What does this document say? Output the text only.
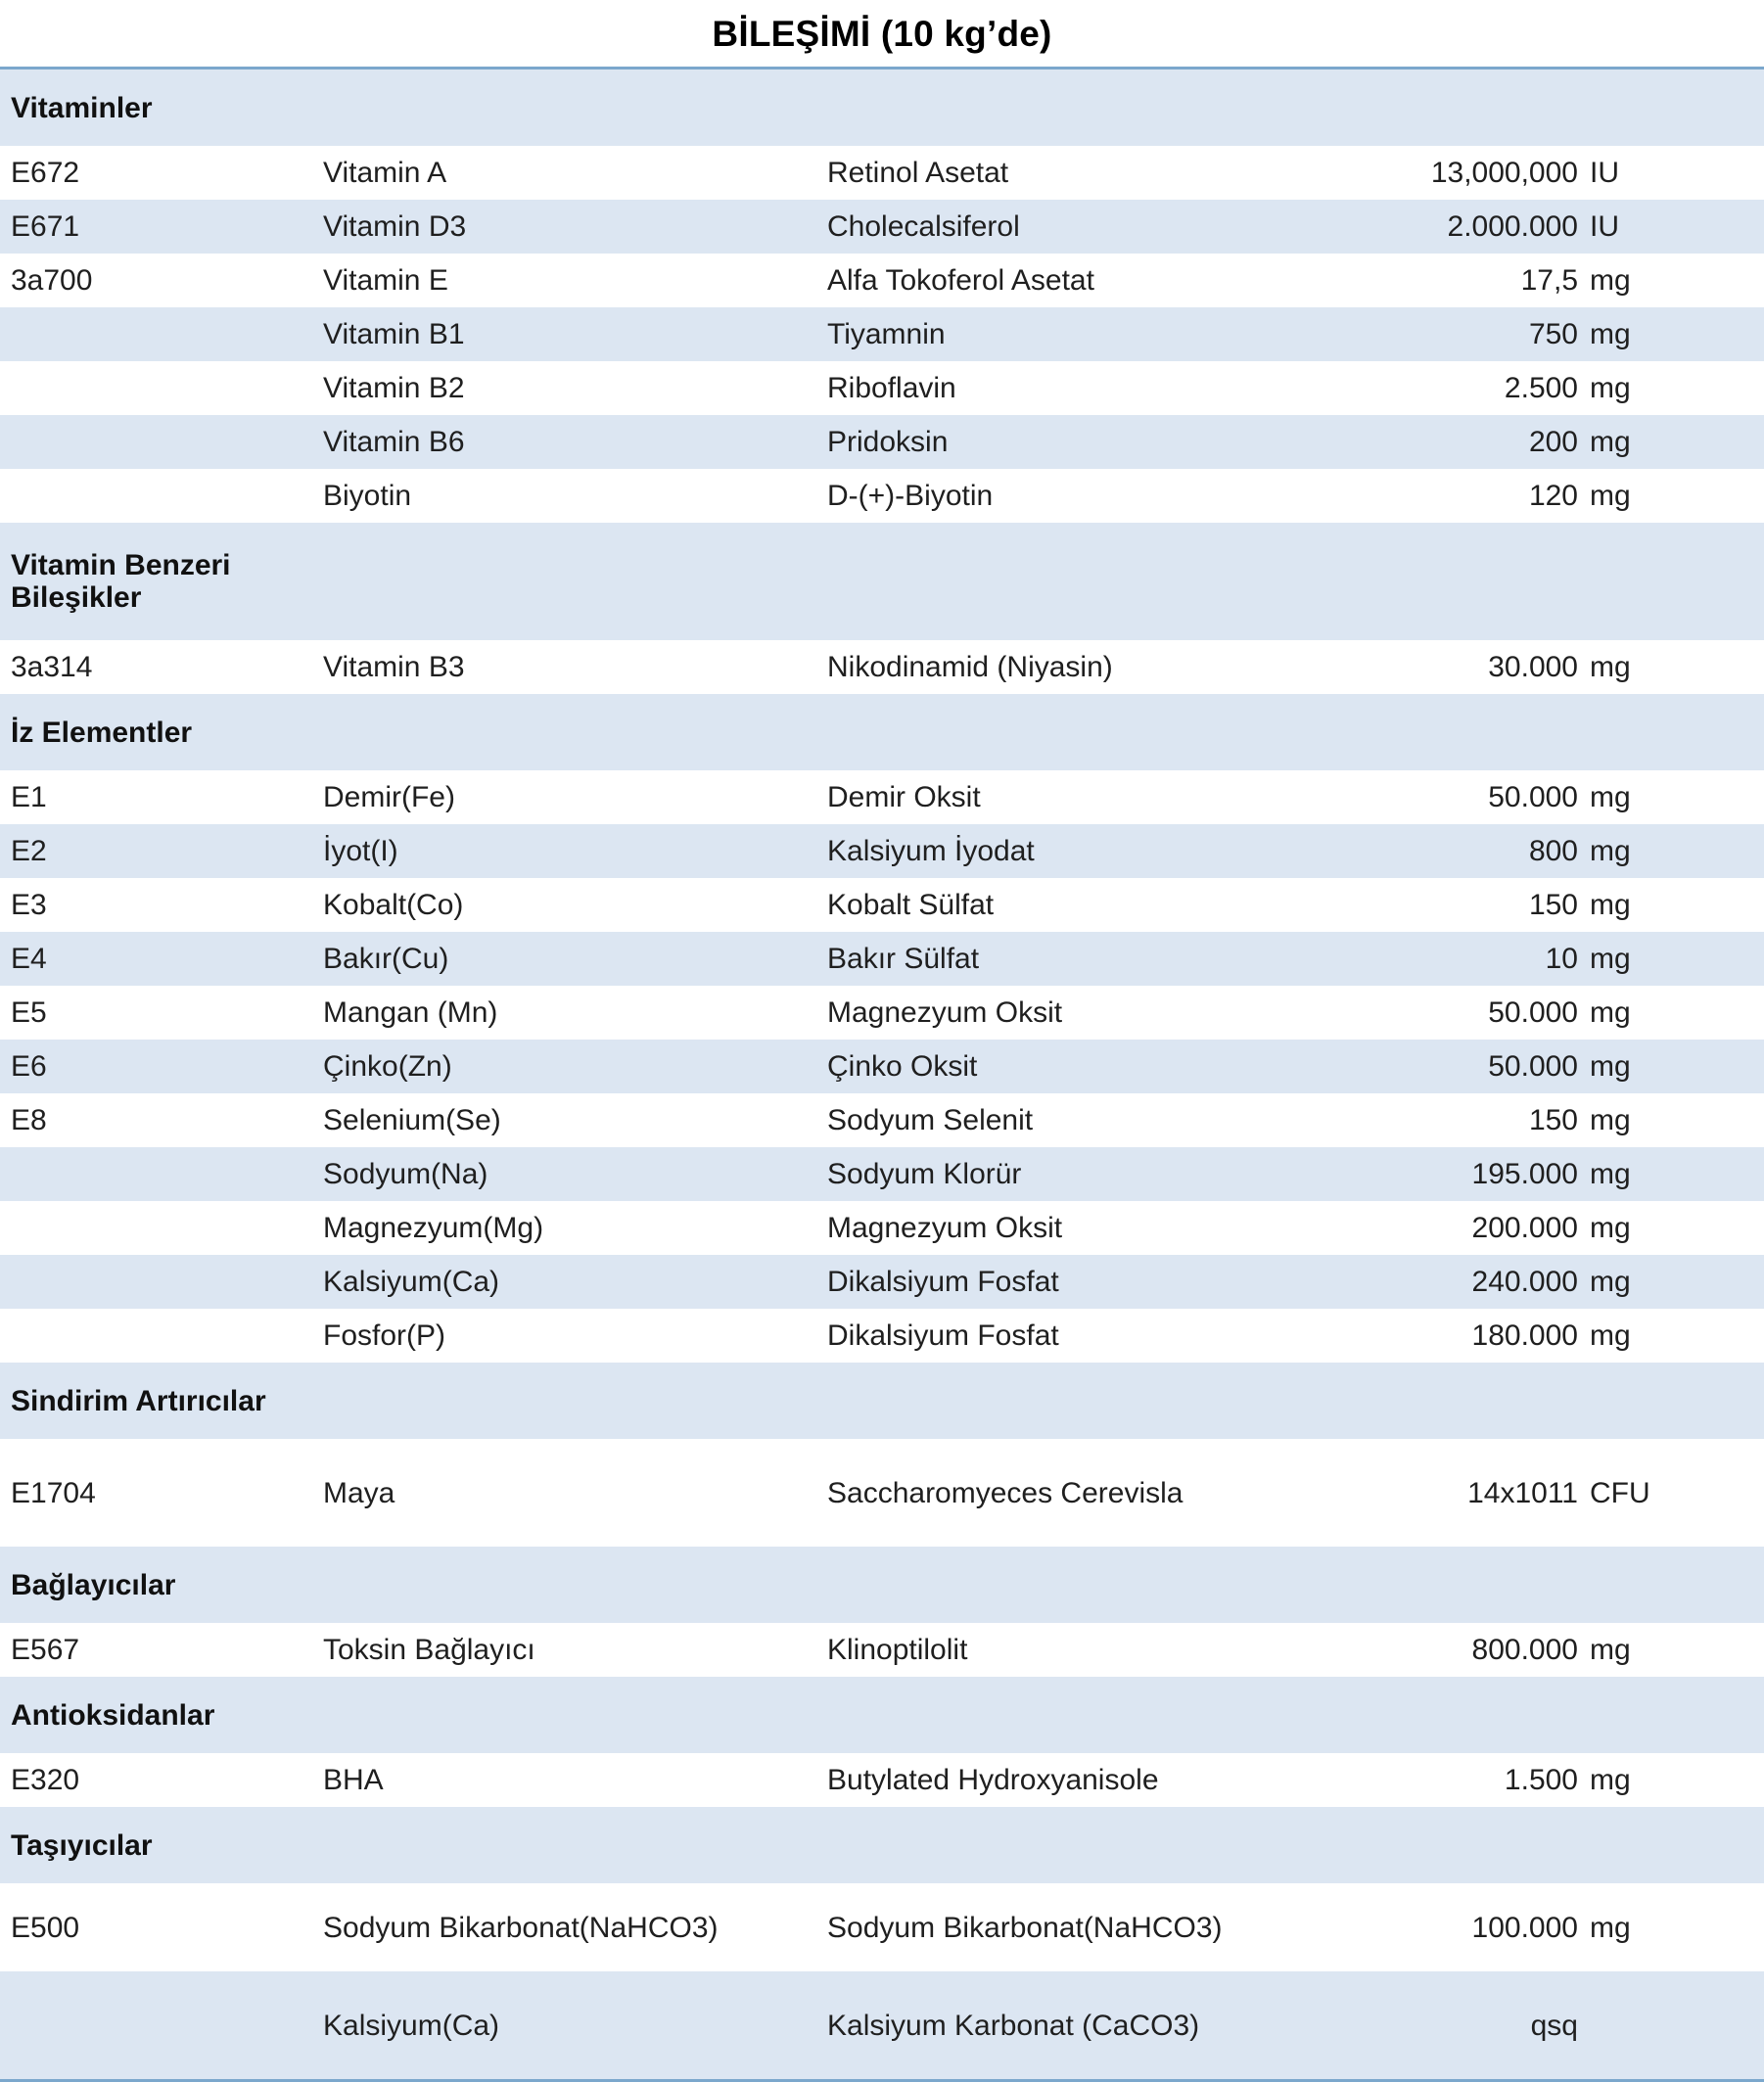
BİLEŞİMİ (10 kg’de)
Vitaminler				
E672	Vitamin A	Retinol Asetat	13,000,000	IU
E671	Vitamin D3	Cholecalsiferol	2.000.000	IU
3a700	Vitamin E	Alfa Tokoferol Asetat	17,5	mg
	Vitamin B1	Tiyamnin	750	mg
	Vitamin B2	Riboflavin	2.500	mg
	Vitamin B6	Pridoksin	200	mg
	Biyotin	D-(+)-Biyotin	120	mg

Vitamin Benzeri
Bileşikler				

3a314	Vitamin B3	Nikodinamid (Niyasin)	30.000	mg
İz Elementler				
E1	Demir(Fe)	Demir Oksit	50.000	mg
E2	İyot(I)	Kalsiyum İyodat	800	mg
E3	Kobalt(Co)	Kobalt Sülfat	150	mg
E4	Bakır(Cu)	Bakır Sülfat	10	mg
E5	Mangan (Mn)	Magnezyum Oksit	50.000	mg
E6	Çinko(Zn)	Çinko Oksit	50.000	mg
E8	Selenium(Se)	Sodyum Selenit	150	mg
	Sodyum(Na)	Sodyum Klorür	195.000	mg
	Magnezyum(Mg)	Magnezyum Oksit	200.000	mg
	Kalsiyum(Ca)	Dikalsiyum Fosfat	240.000	mg
	Fosfor(P)	Dikalsiyum Fosfat	180.000	mg
Sindirim Artırıcılar				
E1704	Maya	Saccharomyeces Cerevisla	14x1011	CFU
Bağlayıcılar				
E567	Toksin Bağlayıcı	Klinoptilolit	800.000	mg
Antioksidanlar				
E320	BHA	Butylated Hydroxyanisole	1.500	mg
Taşıyıcılar				
E500	Sodyum Bikarbonat(NaHCO3)	Sodyum Bikarbonat(NaHCO3)	100.000	mg
	Kalsiyum(Ca)	Kalsiyum Karbonat (CaCO3)	qsq	
